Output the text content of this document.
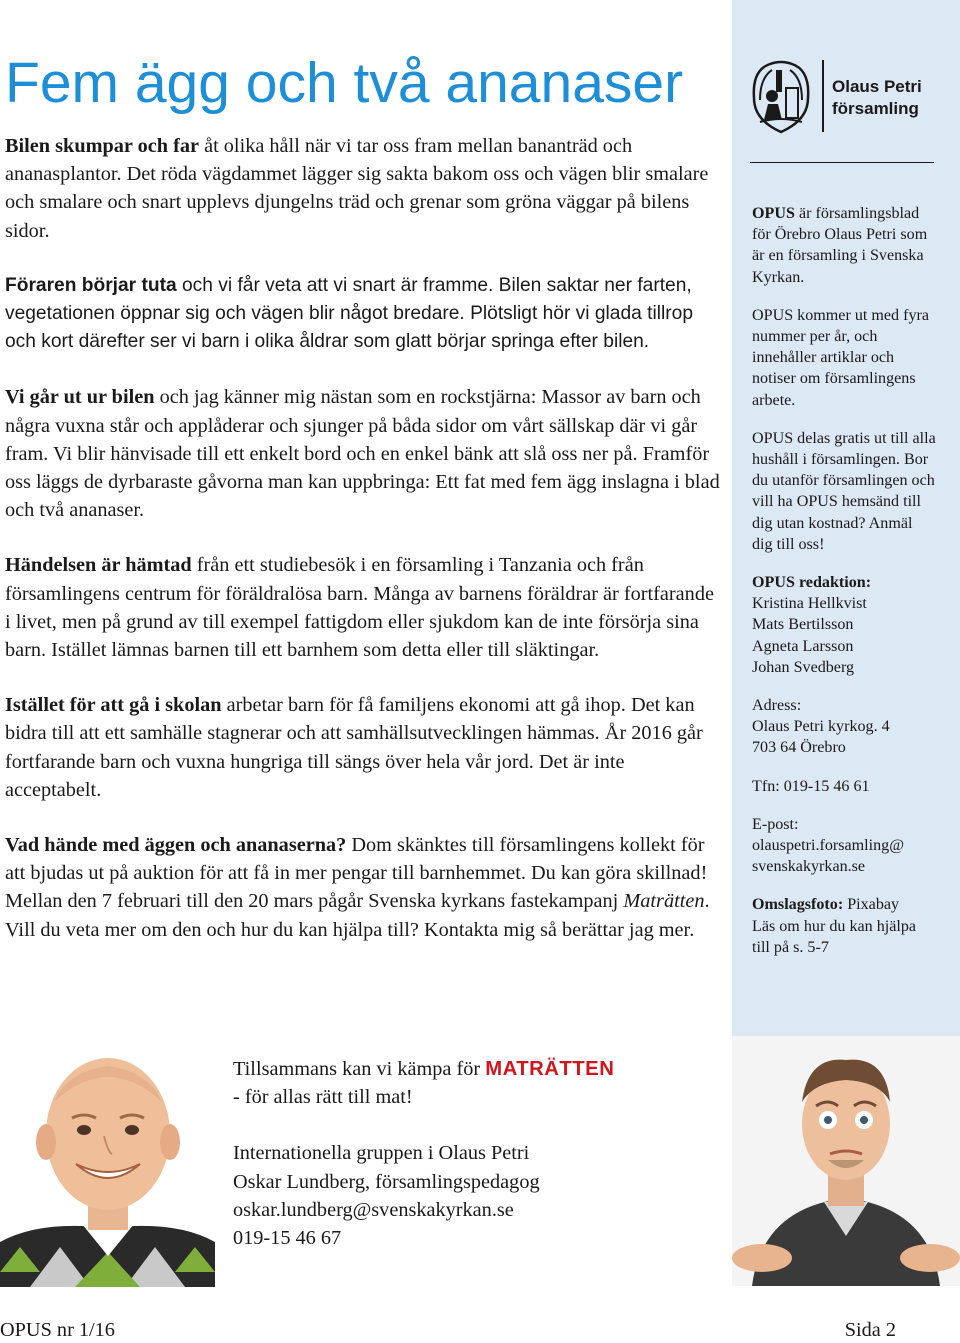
Fem ägg och två ananaser

Bilen skumpar och far åt olika håll när vi tar oss fram mellan bananträd och ananasplantor. Det röda vägdammet lägger sig sakta bakom oss och vägen blir smalare och smalare och snart upplevs djungelns träd och grenar som gröna väggar på bilens sidor.

Föraren börjar tuta och vi får veta att vi snart är framme. Bilen saktar ner farten, vegetationen öppnar sig och vägen blir något bredare. Plötsligt hör vi glada tillrop och kort därefter ser vi barn i olika åldrar som glatt börjar springa efter bilen.

Vi går ut ur bilen och jag känner mig nästan som en rockstjärna: Massor av barn och några vuxna står och applåderar och sjunger på båda sidor om vårt sällskap där vi går fram. Vi blir hänvisade till ett enkelt bord och en enkel bänk att slå oss ner på. Framför oss läggs de dyrbaraste gåvorna man kan uppbringa: Ett fat med fem ägg inslagna i blad och två ananaser.

Händelsen är hämtad från ett studiebesök i en församling i Tanzania och från församlingens centrum för föräldralösa barn. Många av barnens föräldrar är fortfarande i livet, men på grund av till exempel fattigdom eller sjukdom kan de inte försörja sina barn. Istället lämnas barnen till ett barnhem som detta eller till släktingar.

Istället för att gå i skolan arbetar barn för få familjens ekonomi att gå ihop. Det kan bidra till att ett samhälle stagnerar och att samhällsutvecklingen hämmas. År 2016 går fortfarande barn och vuxna hungriga till sängs över hela vår jord. Det är inte acceptabelt.

Vad hände med äggen och ananaserna? Dom skänktes till församlingens kollekt för att bjudas ut på auktion för att få in mer pengar till barnhemmet. Du kan göra skillnad! Mellan den 7 februari till den 20 mars pågår Svenska kyrkans fastekampanj Maträtten. Vill du veta mer om den och hur du kan hjälpa till? Kontakta mig så berättar jag mer.

Olaus Petri
församling

OPUS är församlingsblad för Örebro Olaus Petri som är en församling i Svenska Kyrkan.

OPUS kommer ut med fyra nummer per år, och innehåller artiklar och notiser om församlingens arbete.

OPUS delas gratis ut till alla hushåll i församlingen. Bor du utanför församlingen och vill ha OPUS hemsänd till dig utan kostnad? Anmäl dig till oss!

OPUS redaktion:
Kristina Hellkvist
Mats Bertilsson
Agneta Larsson
Johan Svedberg

Adress:
Olaus Petri kyrkog. 4
703 64 Örebro

Tfn: 019-15 46 61

E-post:
olauspetri.forsamling@
svenskakyrkan.se

Omslagsfoto: Pixabay
Läs om hur du kan hjälpa till på s. 5-7

Tillsammans kan vi kämpa för MATRÄTTEN

- för allas rätt till mat!

Internationella gruppen i Olaus Petri

Oskar Lundberg, församlingspedagog

oskar.lundberg@svenskakyrkan.se

019-15 46 67

OPUS nr 1/16	Sida 2
